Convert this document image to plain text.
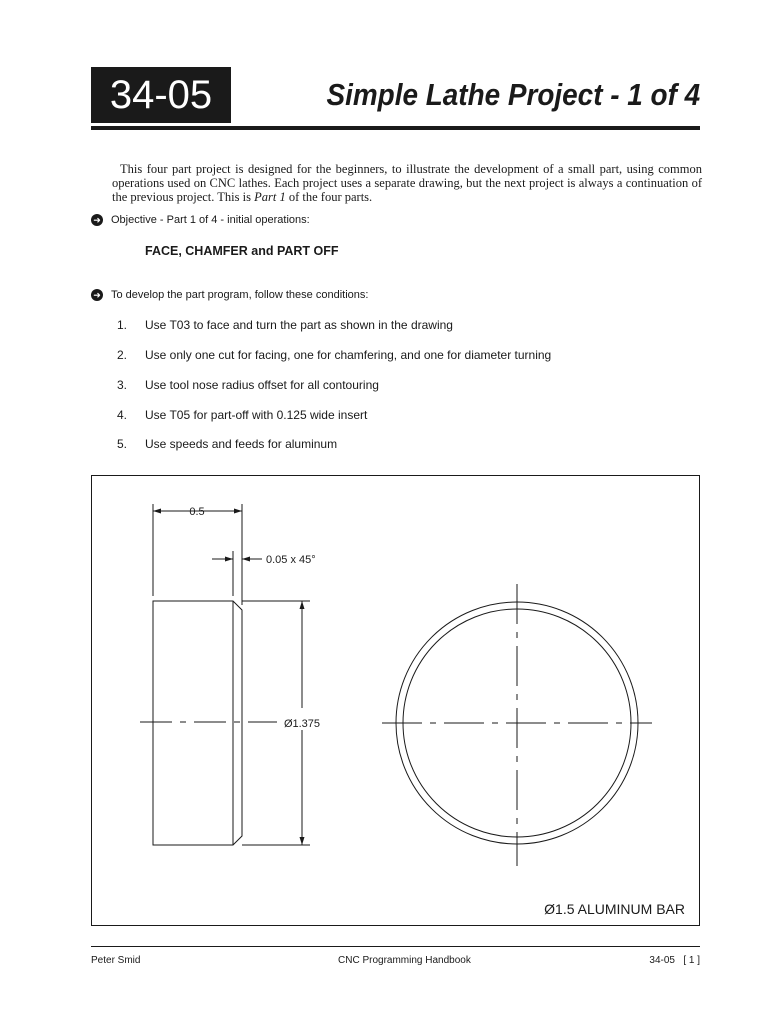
34-05	Simple Lathe Project - 1 of 4

This four part project is designed for the beginners, to illustrate the development of a small part, using common operations used on CNC lathes. Each project uses a separate drawing, but the next project is always a continuation of the previous project. This is Part 1 of the four parts.

➜ Objective - Part 1 of 4 - initial operations:
FACE, CHAMFER and PART OFF
➜ To develop the part program, follow these conditions:
1. Use T03 to face and turn the part as shown in the drawing
2. Use only one cut for facing, one for chamfering, and one for diameter turning
3. Use tool nose radius offset for all contouring
4. Use T05 for part-off with 0.125 wide insert
5. Use speeds and feeds for aluminum
0.5
0.05 x 45°
Ø1.375
Ø1.5 ALUMINUM BAR
Peter Smid	CNC Programming Handbook	34-05   [ 1 ]
